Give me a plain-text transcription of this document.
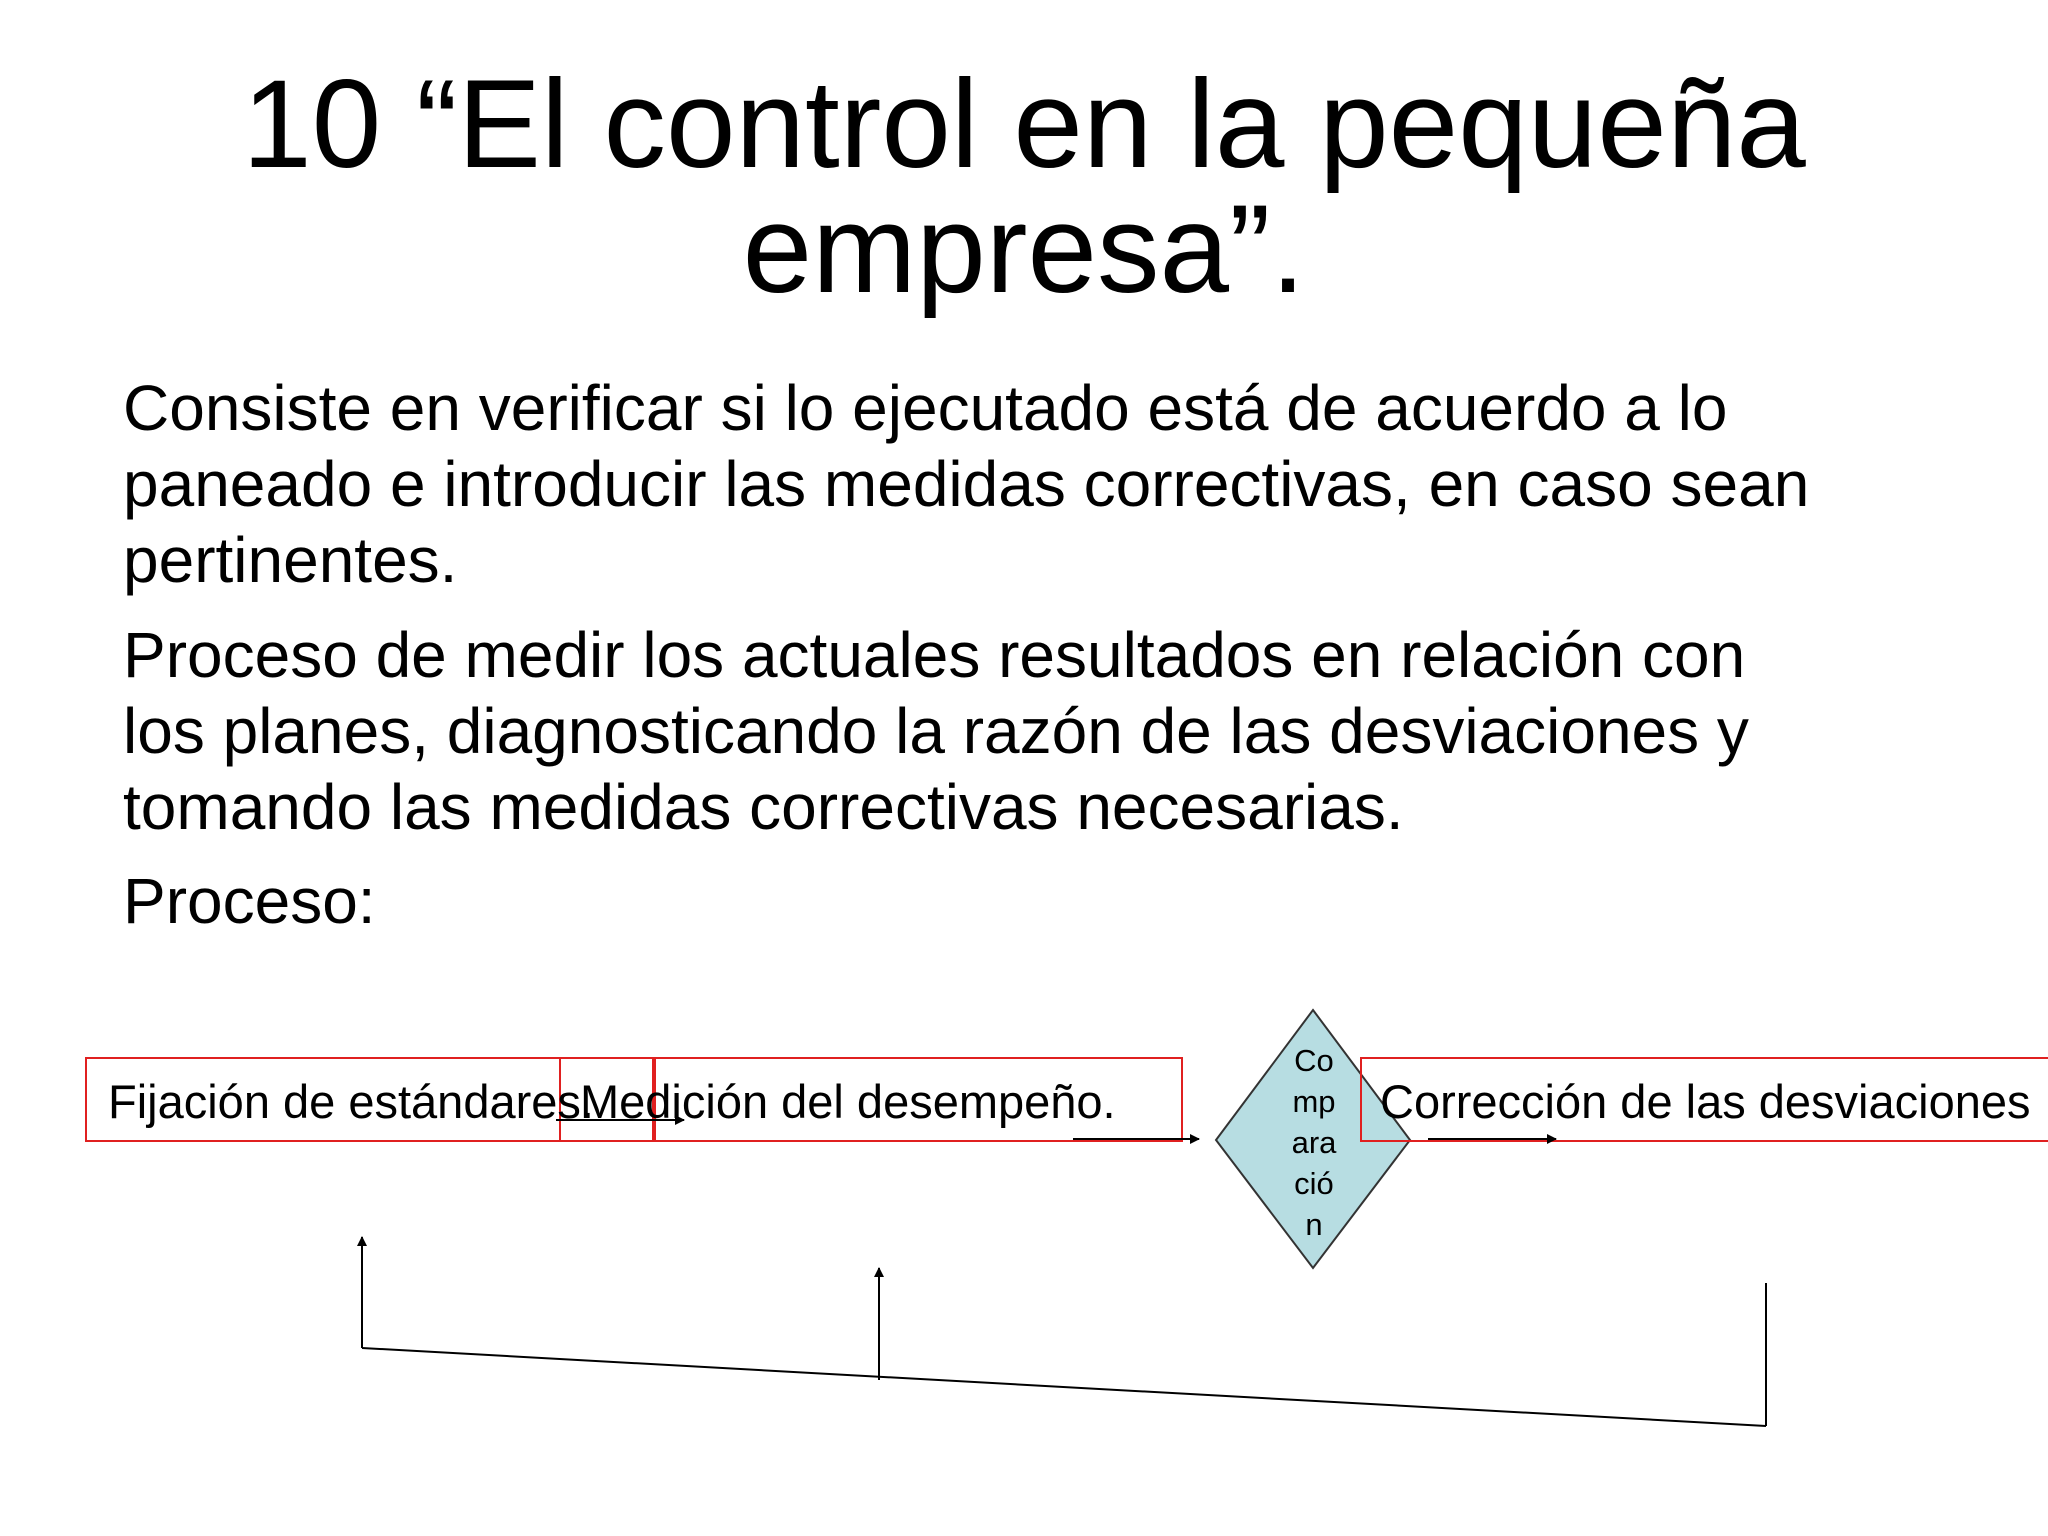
10 “El control en la pequeña
empresa”.
Consiste en verificar si lo ejecutado está de acuerdo a lo
paneado e introducir las medidas correctivas, en caso sean
pertinentes.
Proceso de medir los actuales resultados en relación con
los planes, diagnosticando la razón de las desviaciones y
tomando las medidas correctivas necesarias.
Proceso:
Fijación de estándares.
Medición del desempeño.	Corrección de las desviaciones
Co
mp
ara
ció
n
